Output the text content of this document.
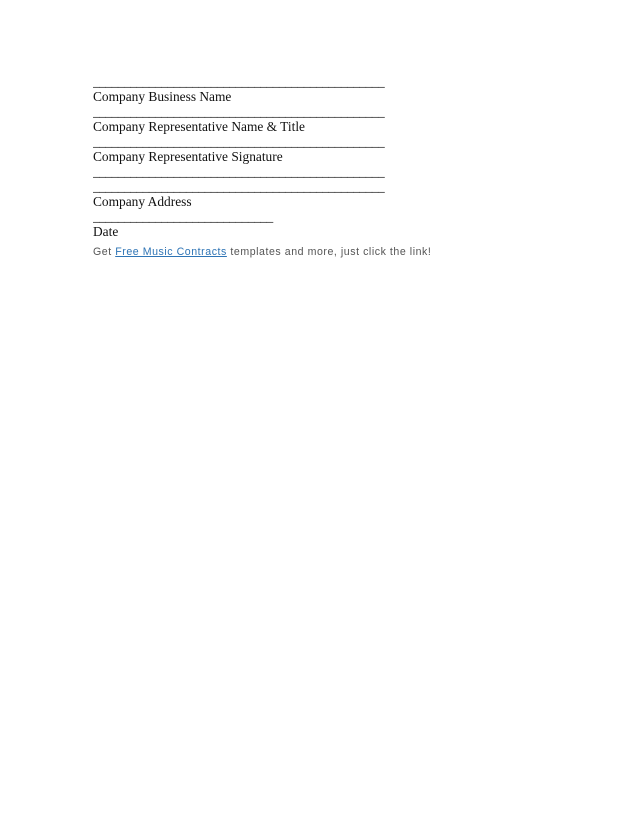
_______________________________________________
Company Business Name
_______________________________________________
Company Representative Name & Title
_______________________________________________
Company Representative Signature
_______________________________________________
_______________________________________________
Company Address
_____________________________
Date
Get Free Music Contracts templates and more, just click the link!
